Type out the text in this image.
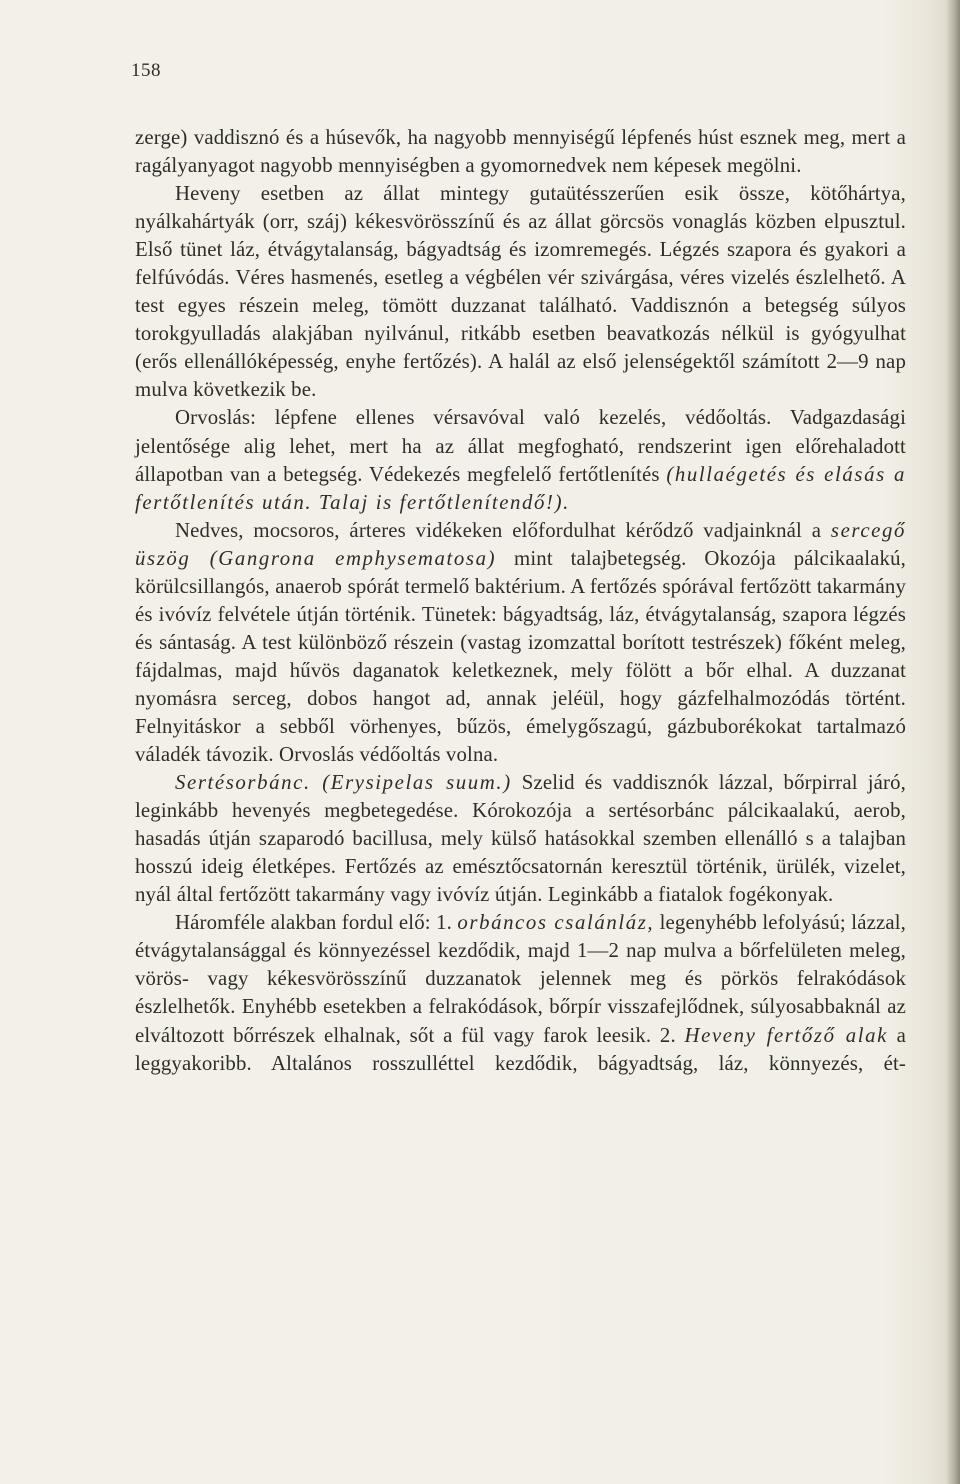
158

zerge) vaddisznó és a húsevők, ha nagyobb mennyiségű lépfenés húst esznek meg, mert a ragályanyagot nagyobb mennyiségben a gyomornedvek nem képesek megölni.

Heveny esetben az állat mintegy gutaütésszerűen esik össze, kötőhártya, nyálkahártyák (orr, száj) kékesvörösszínű és az állat görcsös vonaglás közben elpusztul. Első tünet láz, étvágytalanság, bágyadtság és izomremegés. Légzés szapora és gyakori a felfúvódás. Véres hasmenés, esetleg a végbélen vér szivárgása, véres vizelés észlelhető. A test egyes részein meleg, tömött duzzanat található. Vaddisznón a betegség súlyos torokgyulladás alakjában nyilvánul, ritkább esetben beavatkozás nélkül is gyógyulhat (erős ellenállóképesség, enyhe fertőzés). A halál az első jelenségektől számított 2—9 nap mulva következik be.

Orvoslás: lépfene ellenes vérsavóval való kezelés, védőoltás. Vadgazdasági jelentősége alig lehet, mert ha az állat megfogható, rendszerint igen előrehaladott állapotban van a betegség. Védekezés megfelelő fertőtlenítés (hullaégetés és elásás a fertőtlenítés után. Talaj is fertőtlenítendő!).

Nedves, mocsoros, árteres vidékeken előfordulhat kérődző vadjainknál a sercegő üszög (Gangrona emphysematosa) mint talajbetegség. Okozója pálcikaalakú, körülcsillangós, anaerob spórát termelő baktérium. A fertőzés spórával fertőzött takarmány és ivóvíz felvétele útján történik. Tünetek: bágyadtság, láz, étvágytalanság, szapora légzés és sántaság. A test különböző részein (vastag izomzattal borított testrészek) főként meleg, fájdalmas, majd hűvös daganatok keletkeznek, mely fölött a bőr elhal. A duzzanat nyomásra serceg, dobos hangot ad, annak jeléül, hogy gázfelhalmozódás történt. Felnyitáskor a sebből vörhenyes, bűzös, émelygőszagú, gázbuborékokat tartalmazó váladék távozik. Orvoslás védőoltás volna.

Sertésorbánc. (Erysipelas suum.) Szelid és vaddisznók lázzal, bőrpirral járó, leginkább hevenyés megbetegedése. Kórokozója a sertésorbánc pálcikaalakú, aerob, hasadás útján szaparodó bacillusa, mely külső hatásokkal szemben ellenálló s a talajban hosszú ideig életképes. Fertőzés az emésztőcsatornán keresztül történik, ürülék, vizelet, nyál által fertőzött takarmány vagy ivóvíz útján. Leginkább a fiatalok fogékonyak.

Háromféle alakban fordul elő: 1. orbáncos csalánláz, legenyhébb lefolyású; lázzal, étvágytalansággal és könnyezéssel kezdődik, majd 1—2 nap mulva a bőrfelületen meleg, vörös- vagy kékesvörösszínű duzzanatok jelennek meg és pörkös felrakódások észlelhetők. Enyhébb esetekben a felrakódások, bőrpír visszafejlődnek, súlyosabbaknál az elváltozott bőrrészek elhalnak, sőt a fül vagy farok leesik. 2. Heveny fertőző alak a leggyakoribb. Altalános rosszulléttel kezdődik, bágyadtság, láz, könnyezés, ét-
